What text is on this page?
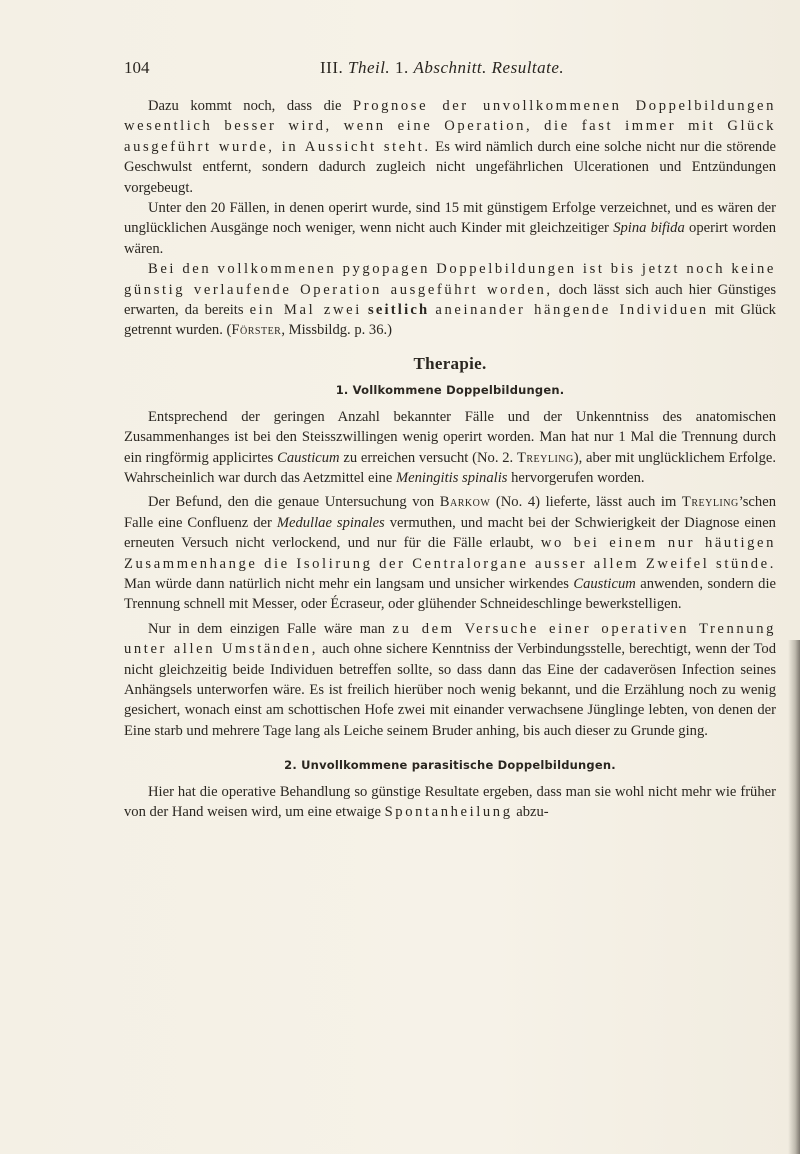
104	III. Theil. 1. Abschnitt. Resultate.

Dazu kommt noch, dass die Prognose der unvollkommenen Doppelbildungen wesentlich besser wird, wenn eine Operation, die fast immer mit Glück ausgeführt wurde, in Aussicht steht. Es wird nämlich durch eine solche nicht nur die störende Geschwulst entfernt, sondern dadurch zugleich nicht ungefährlichen Ulcerationen und Entzündungen vorgebeugt.

Unter den 20 Fällen, in denen operirt wurde, sind 15 mit günstigem Erfolge verzeichnet, und es wären der unglücklichen Ausgänge noch weniger, wenn nicht auch Kinder mit gleichzeitiger Spina bifida operirt worden wären.

Bei den vollkommenen pygopagen Doppelbildungen ist bis jetzt noch keine günstig verlaufende Operation ausgeführt worden, doch lässt sich auch hier Günstiges erwarten, da bereits ein Mal zwei seitlich aneinander hängende Individuen mit Glück getrennt wurden. (Förster, Missbildg. p. 36.)

Therapie.
1. Vollkommene Doppelbildungen.

Entsprechend der geringen Anzahl bekannter Fälle und der Unkenntniss des anatomischen Zusammenhanges ist bei den Steisszwillingen wenig operirt worden. Man hat nur 1 Mal die Trennung durch ein ringförmig applicirtes Causticum zu erreichen versucht (No. 2. Treyling), aber mit unglücklichem Erfolge. Wahrscheinlich war durch das Aetzmittel eine Meningitis spinalis hervorgerufen worden.

Der Befund, den die genaue Untersuchung von Barkow (No. 4) lieferte, lässt auch im Treyling’schen Falle eine Confluenz der Medullae spinales vermuthen, und macht bei der Schwierigkeit der Diagnose einen erneuten Versuch nicht verlockend, und nur für die Fälle erlaubt, wo bei einem nur häutigen Zusammenhange die Isolirung der Centralorgane ausser allem Zweifel stünde. Man würde dann natürlich nicht mehr ein langsam und unsicher wirkendes Causticum anwenden, sondern die Trennung schnell mit Messer, oder Écraseur, oder glühender Schneideschlinge bewerkstelligen.

Nur in dem einzigen Falle wäre man zu dem Versuche einer operativen Trennung unter allen Umständen, auch ohne sichere Kenntniss der Verbindungsstelle, berechtigt, wenn der Tod nicht gleichzeitig beide Individuen betreffen sollte, so dass dann das Eine der cadaverösen Infection seines Anhängsels unterworfen wäre. Es ist freilich hierüber noch wenig bekannt, und die Erzählung noch zu wenig gesichert, wonach einst am schottischen Hofe zwei mit einander verwachsene Jünglinge lebten, von denen der Eine starb und mehrere Tage lang als Leiche seinem Bruder anhing, bis auch dieser zu Grunde ging.

2. Unvollkommene parasitische Doppelbildungen.

Hier hat die operative Behandlung so günstige Resultate ergeben, dass man sie wohl nicht mehr wie früher von der Hand weisen wird, um eine etwaige Spontanheilung abzu-
